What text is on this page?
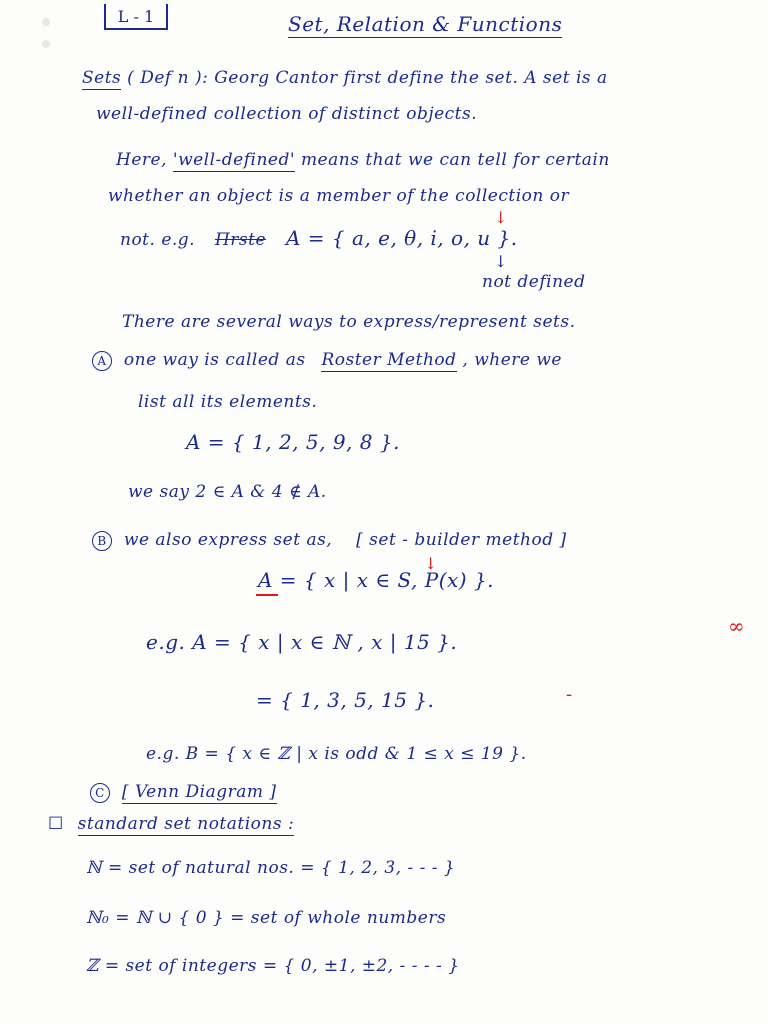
L - 1	Set, Relation & Functions
Sets ( Def n ): Georg Cantor first define the set. A set is a
well-defined collection of distinct objects.
Here, 'well-defined' means that we can tell for certain
whether an object is a member of the collection or
not. e.g. Πrste A = { a, e, θ, i, o, u }.
↓
↓
not defined
There are several ways to express/represent sets.
A one way is called as Roster Method , where we
list all its elements.
A = { 1, 2, 5, 9, 8 }.
we say 2 ∈ A & 4 ∉ A.
B we also express set as, [ set - builder method ]
↓
A = { x | x ∈ S, P(x) }.
e.g. A = { x | x ∈ ℕ , x | 15 }.
∞
= { 1, 3, 5, 15 }.	-
e.g. B = { x ∈ ℤ | x is odd & 1 ≤ x ≤ 19 }.
C [ Venn Diagram ]
☐ standard set notations :
ℕ = set of natural nos. = { 1, 2, 3, - - - }
ℕ₀ = ℕ ∪ { 0 } = set of whole numbers
ℤ = set of integers = { 0, ±1, ±2, - - - - }
